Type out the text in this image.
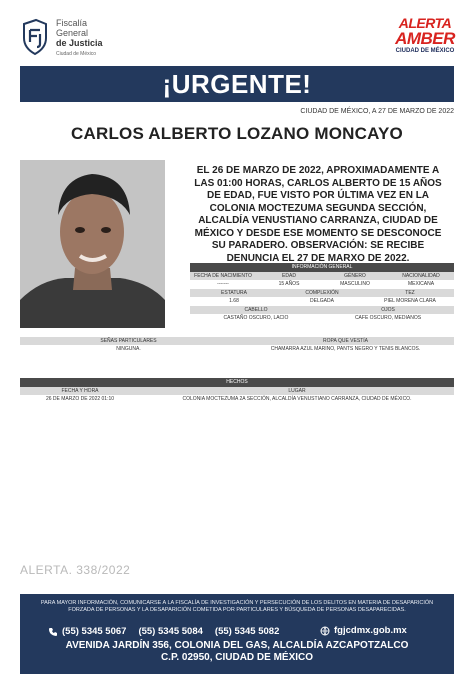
Fiscalía
General
de Justicia
Ciudad de México
ALERTA
AMBER
CIUDAD DE MÉXICO
¡URGENTE!
CIUDAD DE MÉXICO, A 27 DE MARZO DE 2022
CARLOS ALBERTO LOZANO MONCAYO
EL 26 DE MARZO DE 2022, APROXIMADAMENTE A LAS 01:00 HORAS, CARLOS ALBERTO DE 15 AÑOS DE EDAD, FUE VISTO POR ÚLTIMA VEZ EN LA COLONIA MOCTEZUMA SEGUNDA SECCIÓN, ALCALDÍA VENUSTIANO CARRANZA, CIUDAD DE MÉXICO Y DESDE ESE MOMENTO SE DESCONOCE SU PARADERO. OBSERVACIÓN: SE RECIBE DENUNCIA EL 27 DE MARXO DE 2022.
INFORMACIÓN GENERAL
FECHA DE NACIMIENTO	EDAD	GÉNERO	NACIONALIDAD
-------	15 AÑOS	MASCULINO	MEXICANA
ESTATURA	COMPLEXIÓN	TEZ
1.68	DELGADA	PIEL MORENA CLARA
CABELLO	OJOS
CASTAÑO OSCURO, LACIO	CAFE OSCURO, MEDIANOS
SEÑAS PARTICULARES	ROPA QUE VESTÍA
NINGUNA.	CHAMARRA AZUL MARINO, PANTS NEGRO Y TENIS BLANCOS.
HECHOS
FECHA Y HORA	LUGAR
26 DE MARZO DE 2022 01:10	COLONIA MOCTEZUMA 2A SECCIÓN, ALCALDÍA VENUSTIANO CARRANZA, CIUDAD DE MÉXICO.
ALERTA. 338/2022
PARA MAYOR INFORMACIÓN, COMUNICARSE A LA FISCALÍA DE INVESTIGACIÓN Y PERSECUCIÓN DE LOS DELITOS EN MATERIA DE DESAPARICIÓN FORZADA DE PERSONAS Y LA DESAPARICIÓN COMETIDA POR PARTICULARES Y BÚSQUEDA DE PERSONAS DESAPARECIDAS.
(55) 5345 5067 (55) 5345 5084 (55) 5345 5082	fgjcdmx.gob.mx
AVENIDA JARDÍN 356, COLONIA DEL GAS, ALCALDÍA AZCAPOTZALCO
C.P. 02950, CIUDAD DE MÉXICO
